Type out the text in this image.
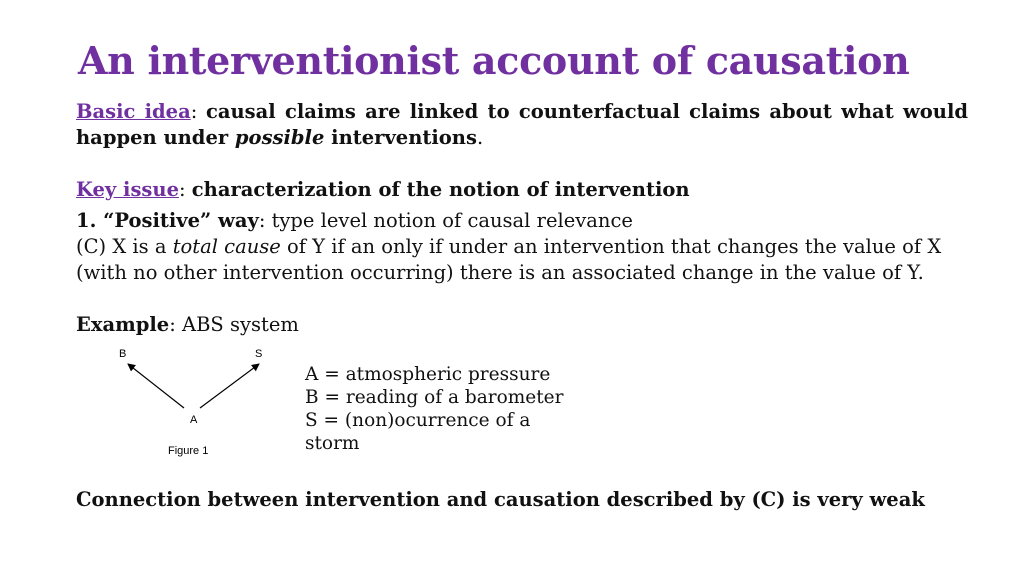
An interventionist account of causation
Basic idea: causal claims are linked to counterfactual claims about what would happen under possible interventions.
Key issue: characterization of the notion of intervention
1. “Positive” way: type level notion of causal relevance
(C) X is a total cause of Y if an only if under an intervention that changes the value of X (with no other intervention occurring) there is an associated change in the value of Y.
Example: ABS system
B	S
A
Figure 1
A = atmospheric pressure
B = reading of a barometer
S = (non)ocurrence of a
storm
Connection between intervention and causation described by (C) is very weak
